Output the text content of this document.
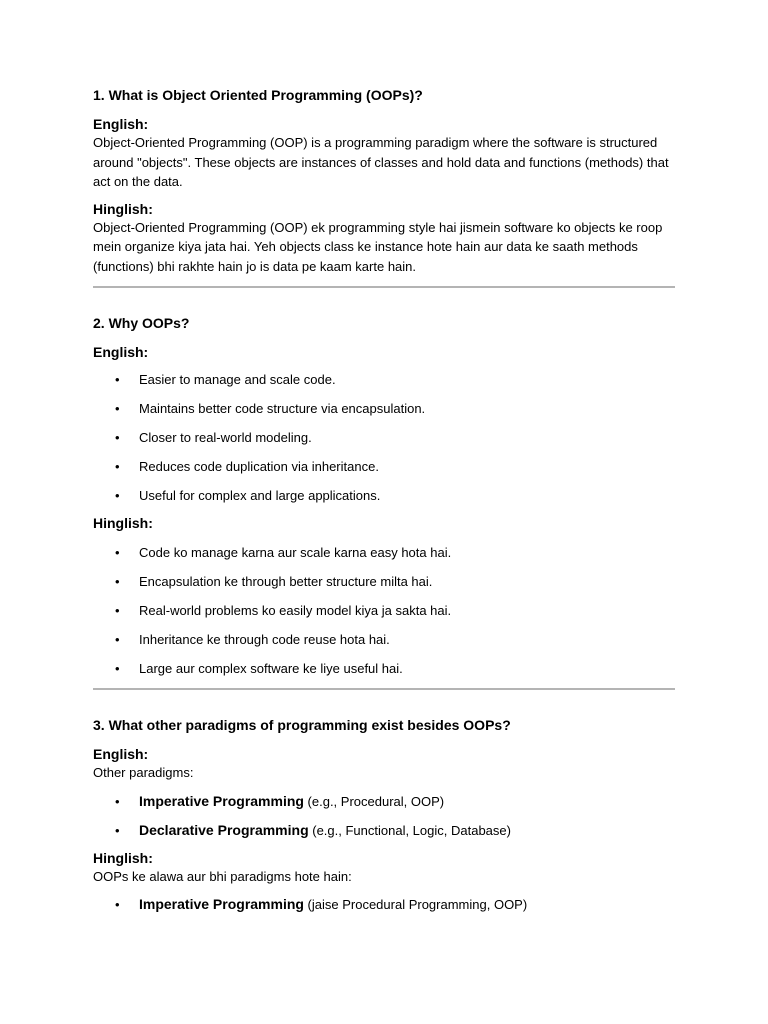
1. What is Object Oriented Programming (OOPs)?

English:

Object-Oriented Programming (OOP) is a programming paradigm where the software is structured around "objects". These objects are instances of classes and hold data and functions (methods) that act on the data.

Hinglish:

Object-Oriented Programming (OOP) ek programming style hai jismein software ko objects ke roop mein organize kiya jata hai. Yeh objects class ke instance hote hain aur data ke saath methods (functions) bhi rakhte hain jo is data pe kaam karte hain.

2. Why OOPs?

English:

• Easier to manage and scale code.
• Maintains better code structure via encapsulation.
• Closer to real-world modeling.
• Reduces code duplication via inheritance.
• Useful for complex and large applications.

Hinglish:

• Code ko manage karna aur scale karna easy hota hai.
• Encapsulation ke through better structure milta hai.
• Real-world problems ko easily model kiya ja sakta hai.
• Inheritance ke through code reuse hota hai.
• Large aur complex software ke liye useful hai.

3. What other paradigms of programming exist besides OOPs?

English:

Other paradigms:

• Imperative Programming (e.g., Procedural, OOP)
• Declarative Programming (e.g., Functional, Logic, Database)

Hinglish:

OOPs ke alawa aur bhi paradigms hote hain:

• Imperative Programming (jaise Procedural Programming, OOP)
